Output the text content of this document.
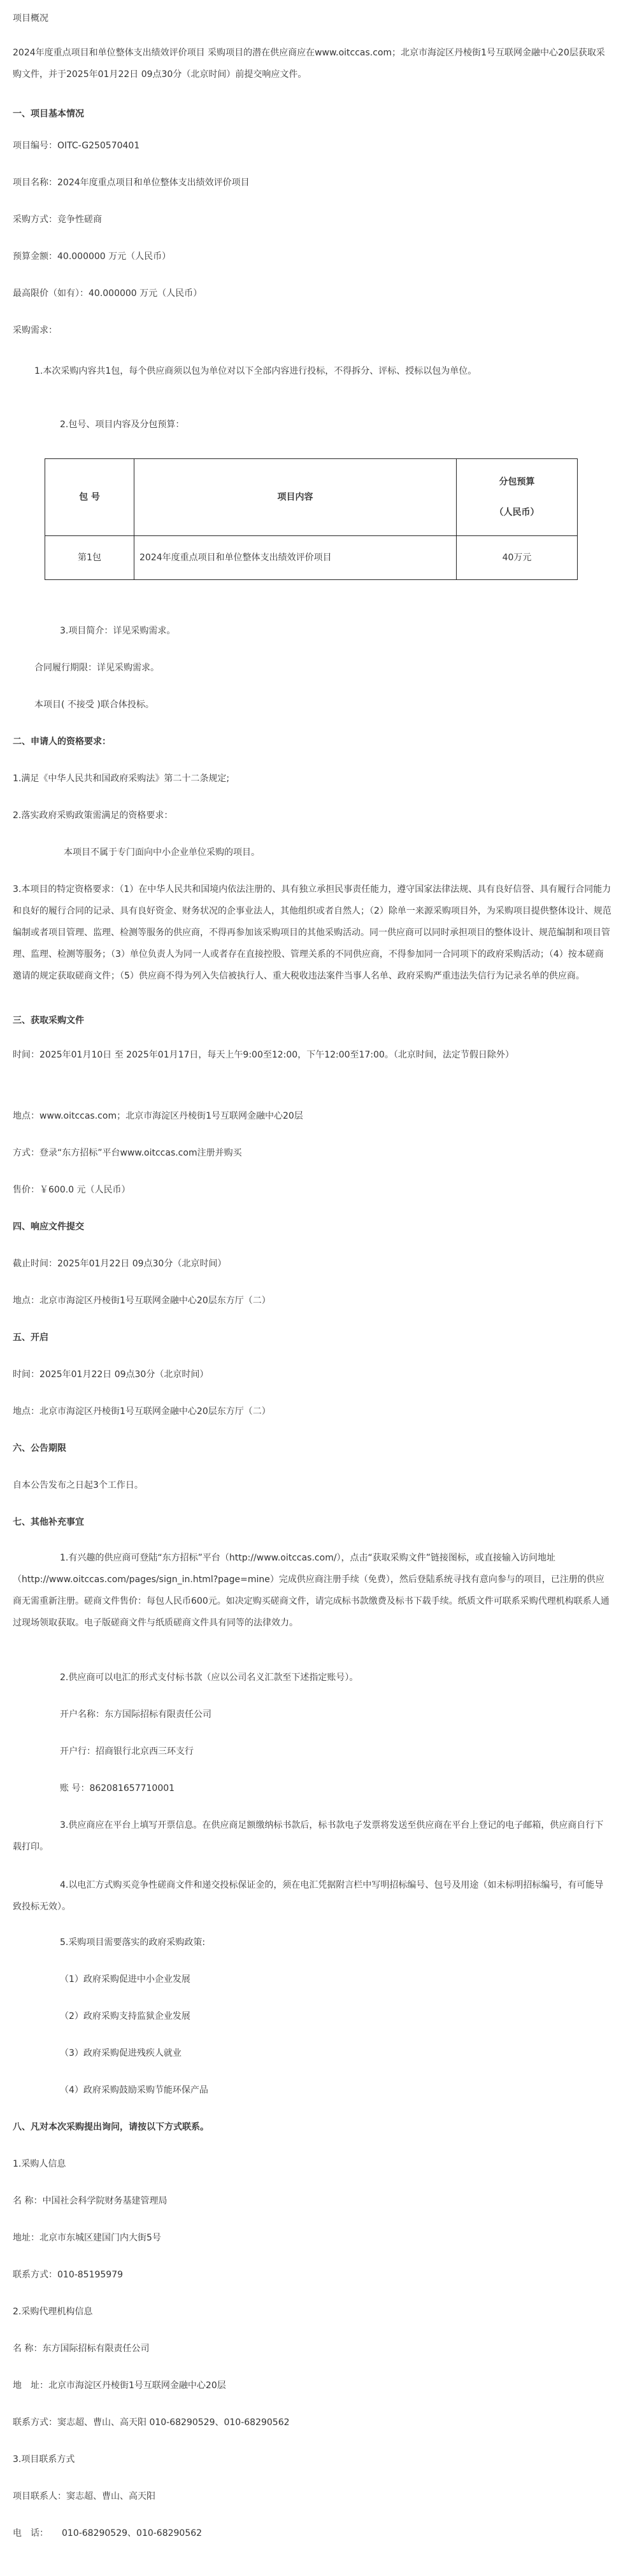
项目概况

2024年度重点项目和单位整体支出绩效评价项目 采购项目的潜在供应商应在www.oitccas.com；北京市海淀区丹棱街1号互联网金融中心20层获取采购文件，并于2025年01月22日 09点30分（北京时间）前提交响应文件。

一、项目基本情况

项目编号：OITC-G250570401

项目名称：2024年度重点项目和单位整体支出绩效评价项目

采购方式：竞争性磋商

预算金额：40.000000 万元（人民币）

最高限价（如有）：40.000000 万元（人民币）

采购需求：

1.本次采购内容共1包，每个供应商须以包为单位对以下全部内容进行投标，不得拆分、评标、授标以包为单位。

2.包号、项目内容及分包预算：

包 号	项目内容	分包预算
（人民币）

第1包	2024年度重点项目和单位整体支出绩效评价项目	40万元

3.项目简介：详见采购需求。

合同履行期限：详见采购需求。

本项目( 不接受 )联合体投标。

二、申请人的资格要求：

1.满足《中华人民共和国政府采购法》第二十二条规定;

2.落实政府采购政策需满足的资格要求：

本项目不属于专门面向中小企业单位采购的项目。

3.本项目的特定资格要求：（1）在中华人民共和国境内依法注册的、具有独立承担民事责任能力，遵守国家法律法规、具有良好信誉、具有履行合同能力和良好的履行合同的记录、具有良好资金、财务状况的企事业法人，其他组织或者自然人；（2）除单一来源采购项目外，为采购项目提供整体设计、规范编制或者项目管理、监理、检测等服务的供应商，不得再参加该采购项目的其他采购活动。同一供应商可以同时承担项目的整体设计、规范编制和项目管理、监理、检测等服务；（3）单位负责人为同一人或者存在直接控股、管理关系的不同供应商，不得参加同一合同项下的政府采购活动；（4）按本磋商邀请的规定获取磋商文件；（5）供应商不得为列入失信被执行人、重大税收违法案件当事人名单、政府采购严重违法失信行为记录名单的供应商。

三、获取采购文件

时间：2025年01月10日 至 2025年01月17日，每天上午9:00至12:00，下午12:00至17:00。（北京时间，法定节假日除外）

地点：www.oitccas.com；北京市海淀区丹棱街1号互联网金融中心20层

方式：登录“东方招标”平台www.oitccas.com注册并购买

售价：￥600.0 元（人民币）

四、响应文件提交

截止时间：2025年01月22日 09点30分（北京时间）

地点：北京市海淀区丹棱街1号互联网金融中心20层东方厅（二）

五、开启

时间：2025年01月22日 09点30分（北京时间）

地点：北京市海淀区丹棱街1号互联网金融中心20层东方厅（二）

六、公告期限

自本公告发布之日起3个工作日。

七、其他补充事宜

1.有兴趣的供应商可登陆“东方招标”平台（http://www.oitccas.com/），点击“获取采购文件”链接图标，或直接输入访问地址（http://www.oitccas.com/pages/sign_in.html?page=mine）完成供应商注册手续（免费），然后登陆系统寻找有意向参与的项目，已注册的供应商无需重新注册。磋商文件售价：每包人民币600元。如决定购买磋商文件，请完成标书款缴费及标书下载手续。纸质文件可联系采购代理机构联系人通过现场领取获取。电子版磋商文件与纸质磋商文件具有同等的法律效力。

2.供应商可以电汇的形式支付标书款（应以公司名义汇款至下述指定账号）。

开户名称：东方国际招标有限责任公司

开户行：招商银行北京西三环支行

账 号：862081657710001

3.供应商应在平台上填写开票信息。在供应商足额缴纳标书款后，标书款电子发票将发送至供应商在平台上登记的电子邮箱，供应商自行下载打印。

4.以电汇方式购买竞争性磋商文件和递交投标保证金的，须在电汇凭据附言栏中写明招标编号、包号及用途（如未标明招标编号，有可能导致投标无效）。

5.采购项目需要落实的政府采购政策:

（1）政府采购促进中小企业发展

（2）政府采购支持监狱企业发展

（3）政府采购促进残疾人就业

（4）政府采购鼓励采购节能环保产品

八、凡对本次采购提出询问，请按以下方式联系。

1.采购人信息

名 称：中国社会科学院财务基建管理局

地址：北京市东城区建国门内大街5号

联系方式：010-85195979

2.采购代理机构信息

名 称：东方国际招标有限责任公司

地　址：北京市海淀区丹棱街1号互联网金融中心20层

联系方式：窦志超、曹山、高天阳 010-68290529、010-68290562

3.项目联系方式

项目联系人：窦志超、曹山、高天阳

电　话：　　010-68290529、010-68290562
